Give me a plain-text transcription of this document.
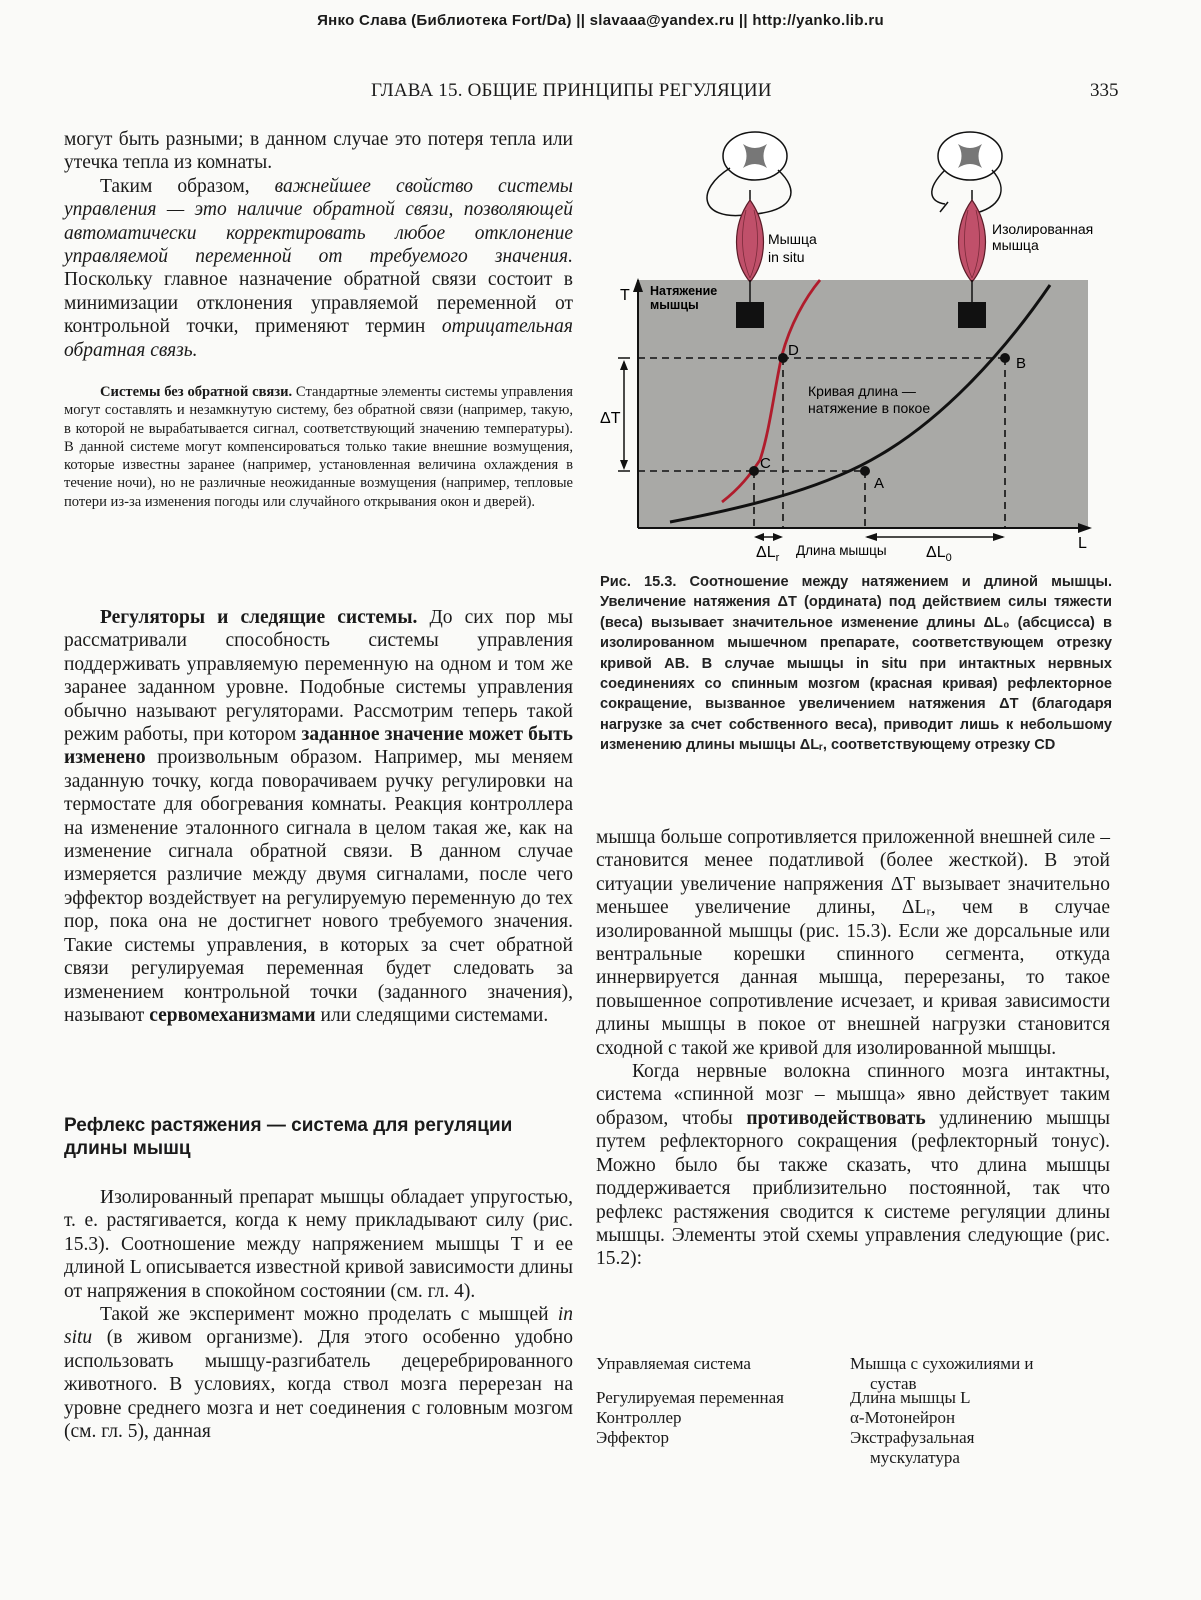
Янко Слава (Библиотека Fort/Da) || slavaaa@yandex.ru || http://yanko.lib.ru
ГЛАВА 15. ОБЩИЕ ПРИНЦИПЫ РЕГУЛЯЦИИ	335

могут быть разными; в данном случае это потеря тепла или утечка тепла из комнаты.

Таким образом, важнейшее свойство системы управления — это наличие обратной связи, позволяющей автоматически корректировать любое отклонение управляемой переменной от требуемого значения. Поскольку главное назначение обратной связи состоит в минимизации отклонения управляемой переменной от контрольной точки, применяют термин отрицательная обратная связь.

Системы без обратной связи. Стандартные элементы системы управления могут составлять и незамкнутую систему, без обратной связи (например, такую, в которой не вырабатывается сигнал, соответствующий значению температуры). В данной системе могут компенсироваться только такие внешние возмущения, которые известны заранее (например, установленная величина охлаждения в течение ночи), но не различные неожиданные возмущения (например, тепловые потери из-за изменения погоды или случайного открывания окон и дверей).

Регуляторы и следящие системы. До сих пор мы рассматривали способность системы управления поддерживать управляемую переменную на одном и том же заранее заданном уровне. Подобные системы управления обычно называют регуляторами. Рассмотрим теперь такой режим работы, при котором заданное значение может быть изменено произвольным образом. Например, мы меняем заданную точку, когда поворачиваем ручку регулировки на термостате для обогревания комнаты. Реакция контроллера на изменение эталонного сигнала в целом такая же, как на изменение сигнала обратной связи. В данном случае измеряется различие между двумя сигналами, после чего эффектор воздействует на регулируемую переменную до тех пор, пока она не достигнет нового требуемого значения. Такие системы управления, в которых за счет обратной связи регулируемая переменная будет следовать за изменением контрольной точки (заданного значения), называют сервомеханизмами или следящими системами.

Рефлекс растяжения — система для регуляции длины мышц

Изолированный препарат мышцы обладает упругостью, т. е. растягивается, когда к нему прикладывают силу (рис. 15.3). Соотношение между напряжением мышцы T и ее длиной L описывается известной кривой зависимости длины от напряжения в спокойном состоянии (см. гл. 4).

Такой же эксперимент можно проделать с мышцей in situ (в живом организме). Для этого особенно удобно использовать мышцу-разгибатель децеребрированного животного. В условиях, когда ствол мозга перерезан на уровне среднего мозга и нет соединения с головным мозгом (см. гл. 5), данная

T
L
Натяжение
мышцы
Мышца
in situ
Изолированная
мышца
ΔT
A
B
C
D
Кривая длина —
натяжение в покое
$\Delta L_r$ Длина мышцы $\Delta L_0$

Рис. 15.3. Соотношение между натяжением и длиной мышцы. Увеличение натяжения ΔT (ордината) под действием силы тяжести (веса) вызывает значительное изменение длины ΔL₀ (абсцисса) в изолированном мышечном препарате, соответствующем отрезку кривой AB. В случае мышцы in situ при интактных нервных соединениях со спинным мозгом (красная кривая) рефлекторное сокращение, вызванное увеличением натяжения ΔT (благодаря нагрузке за счет собственного веса), приводит лишь к небольшому изменению длины мышцы ΔLᵣ, соответствующему отрезку CD

мышца больше сопротивляется приложенной внешней силе – становится менее податливой (более жесткой). В этой ситуации увеличение напряжения ΔT вызывает значительно меньшее увеличение длины, ΔLᵣ, чем в случае изолированной мышцы (рис. 15.3). Если же дорсальные или вентральные корешки спинного сегмента, откуда иннервируется данная мышца, перерезаны, то такое повышенное сопротивление исчезает, и кривая зависимости длины мышцы в покое от внешней нагрузки становится сходной с такой же кривой для изолированной мышцы.

Когда нервные волокна спинного мозга интактны, система «спинной мозг – мышца» явно действует таким образом, чтобы противодействовать удлинению мышцы путем рефлекторного сокращения (рефлекторный тонус). Можно было бы также сказать, что длина мышцы поддерживается приблизительно постоянной, так что рефлекс растяжения сводится к системе регуляции длины мышцы. Элементы этой схемы управления следующие (рис. 15.2):

Управляемая система	Мышца с сухожилиями и
сустав
Регулируемая переменная	Длина мышцы L
Контроллер	α-Мотонейрон
Эффектор	Экстрафузальная
мускулатура
